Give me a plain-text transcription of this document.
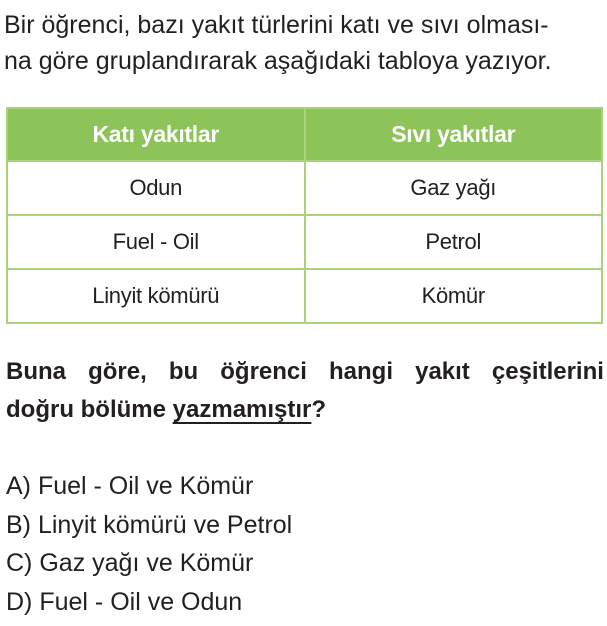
Bir öğrenci, bazı yakıt türlerini katı ve sıvı olması-

na göre gruplandırarak aşağıdaki tabloya yazıyor.

Katı yakıtlar	Sıvı yakıtlar
Odun	Gaz yağı
Fuel - Oil	Petrol
Linyit kömürü	Kömür

Buna göre, bu öğrenci hangi yakıt çeşitlerini

doğru bölüme yazmamıştır?

A) Fuel - Oil ve Kömür
B) Linyit kömürü ve Petrol
C) Gaz yağı ve Kömür
D) Fuel - Oil ve Odun
